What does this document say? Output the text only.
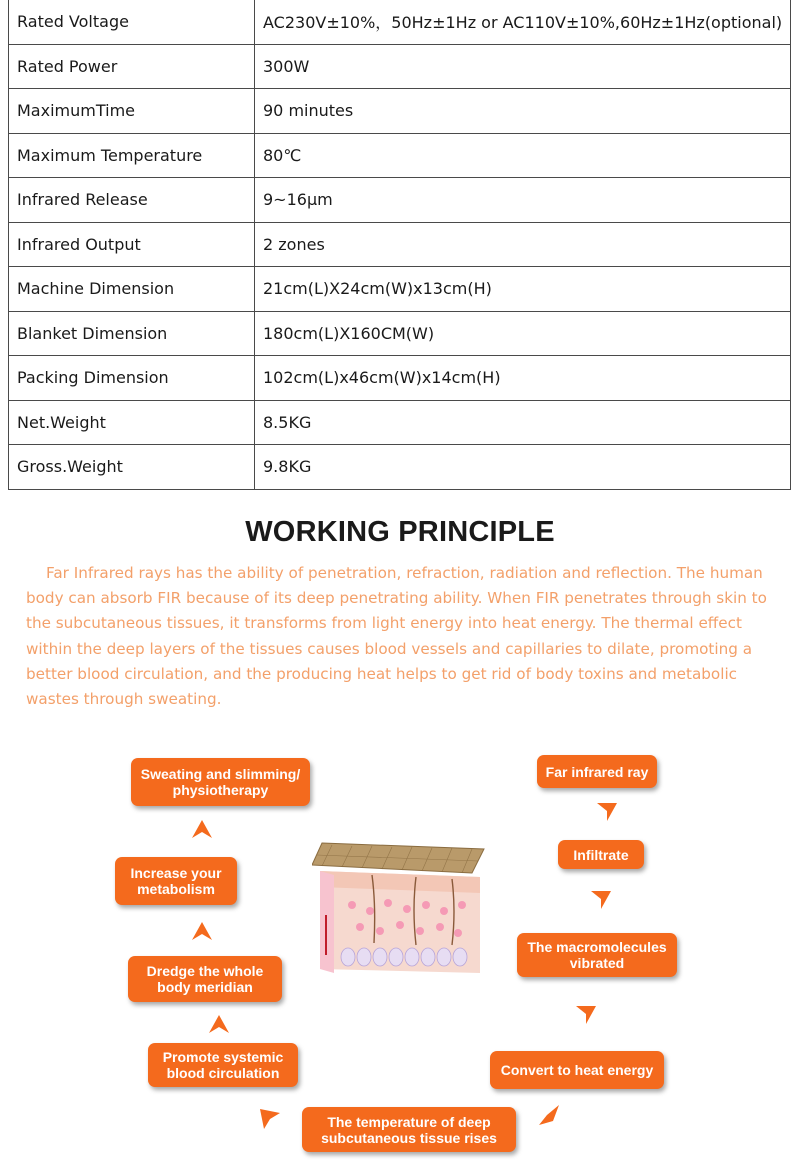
Rated Voltage	AC230V±10%，50Hz±1Hz or AC110V±10%,60Hz±1Hz(optional)
Rated Power	300W
MaximumTime	90 minutes
Maximum Temperature	80℃
Infrared Release	9~16μm
Infrared Output	2 zones
Machine Dimension	21cm(L)X24cm(W)x13cm(H)
Blanket Dimension	180cm(L)X160CM(W)
Packing Dimension	102cm(L)x46cm(W)x14cm(H)
Net.Weight	8.5KG
Gross.Weight	9.8KG
WORKING PRINCIPLE

Far Infrared rays has the ability of penetration, refraction, radiation and reflection. The human body can absorb FIR because of its deep penetrating ability. When FIR penetrates through skin to the subcutaneous tissues, it transforms from light energy into heat energy. The thermal effect within the deep layers of the tissues causes blood vessels and capillaries to dilate, promoting a better blood circulation, and the producing heat helps to get rid of body toxins and metabolic wastes through sweating.

Far infrared ray
Infiltrate
The macromolecules
vibrated
Convert to heat energy
The temperature of deep
subcutaneous tissue rises
Promote systemic
blood circulation
Dredge the whole
body meridian
Increase your
metabolism
Sweating and slimming/
physiotherapy
